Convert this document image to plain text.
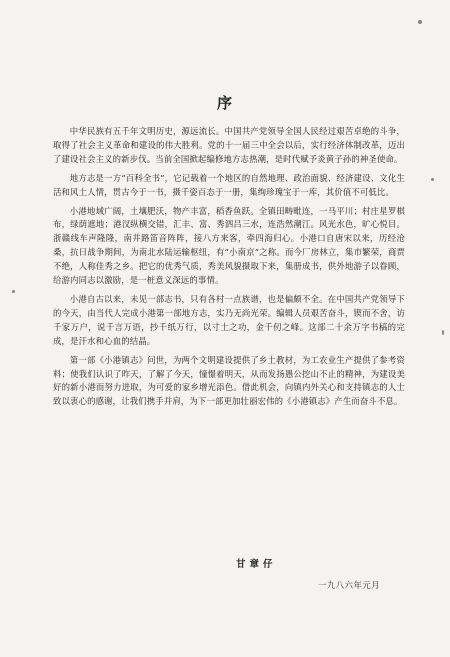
序

中华民族有五千年文明历史，源远流长。中国共产党领导全国人民经过艰苦卓绝的斗争，取得了社会主义革命和建设的伟大胜利。党的十一届三中全会以后，实行经济体制改革，迈出了建设社会主义的新步伐。当前全国掀起编修地方志热潮，是时代赋予炎黄子孙的神圣使命。

地方志是一方“百科全书”，它记载着一个地区的自然地理、政治面貌、经济建设、文化生活和风土人情，贯古今于一书，摄千姿百态于一册，集绚珍瑰宝于一库，其价值不可低比。

小港地域广阔，土壤肥沃，物产丰富，稻香鱼跃。全镇田畴毗连，一马平川；村庄星罗棋布，绿荫遮地；港汊纵横交错，汇丰、富、秀泗吕三水，连浩然潮江。风光水色，旷心悦目。浙赣线车声隆隆，南井路笛音阵阵，接八方来客，牵四海归心。小港口自唐宋以来，历经沧桑，抗日战争期间，为南北水陆运输枢纽，有“小南京”之称。而今厂房林立，集市繁荣，商贾不绝，人称佳秀之乡。把它的优秀气质，秀美风貌摄取下来，集册成书，供外地游子以眷顾，给游内同志以激励，是一桩意义深远的事情。

小港自古以来，未见一部志书，只有各村一点族谱，也是偏颇不全。在中国共产党领导下的今天，由当代人完成小港第一部地方志，实乃无尚光荣。编辑人员艰苦奋斗，锲而不舍，访千家万户，说千言万语，抄千纸万行，以寸土之功，金千仞之峰。这部二十余万字书稿的完成，是汗水和心血的结晶。

第一部《小港镇志》问世，为两个文明建设提供了乡土教材，为工农业生产提供了参考资料；使我们认识了昨天，了解了今天，憧憬着明天，从而发扬愚公挖山不止的精神，为建设美好的新小港而努力进取，为可爱的家乡增光添色。借此机会，向镇内外关心和支持镇志的人士致以衷心的感谢，让我们携手并肩，为下一部更加壮丽宏伟的《小港镇志》产生而奋斗不息。

甘章仔
一九八六年元月
